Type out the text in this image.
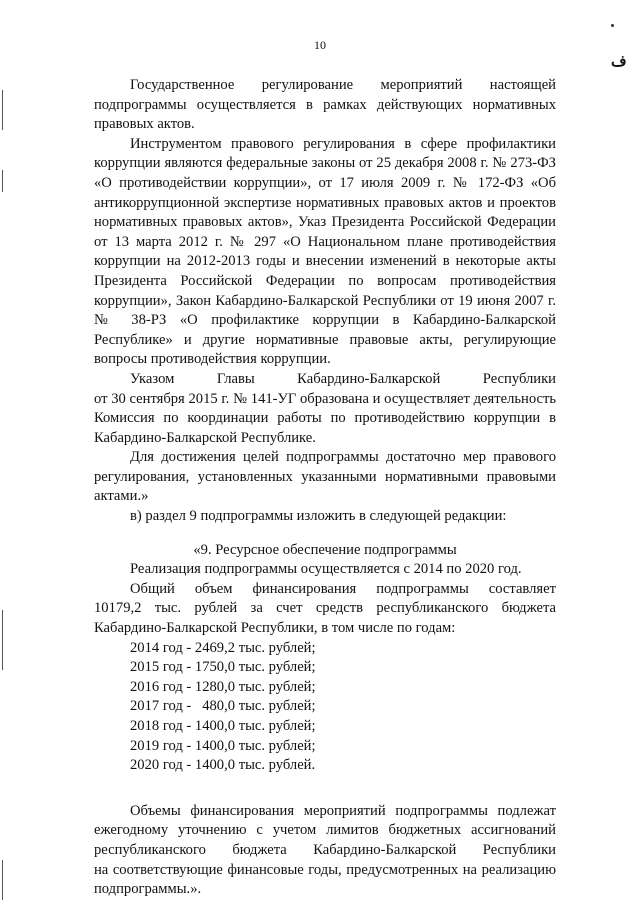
10
ف

Государственное регулирование мероприятий настоящей

подпрограммы осуществляется в рамках действующих нормативных правовых актов.

Инструментом правового регулирования в сфере профилактики коррупции являются федеральные законы от 25 декабря 2008 г. № 273-ФЗ «О противодействии коррупции», от 17 июля 2009 г. № 172-ФЗ «Об антикоррупционной экспертизе нормативных правовых актов и проектов нормативных правовых актов», Указ Президента Российской Федерации от 13 марта 2012 г. № 297 «О Национальном плане противодействия коррупции на 2012-2013 годы и внесении изменений в некоторые акты Президента Российской Федерации по вопросам противодействия коррупции», Закон Кабардино-Балкарской Республики от 19 июня 2007 г. № 38-РЗ «О профилактике коррупции в Кабардино-Балкарской Республике» и другие нормативные правовые акты, регулирующие вопросы противодействия коррупции.

Указом Главы Кабардино-Балкарской Республики

от 30 сентября 2015 г. № 141-УГ образована и осуществляет деятельность Комиссия по координации работы по противодействию коррупции в Кабардино-Балкарской Республике.

Для достижения целей подпрограммы достаточно мер правового регулирования, установленных указанными нормативными правовыми актами.»

в) раздел 9 подпрограммы изложить в следующей редакции:

«9. Ресурсное обеспечение подпрограммы

Реализация подпрограммы осуществляется с 2014 по 2020 год.

Общий объем финансирования подпрограммы составляет

10179,2 тыс. рублей за счет средств республиканского бюджета Кабардино-Балкарской Республики, в том числе по годам:

2014 год - 2469,2 тыс. рублей;
2015 год - 1750,0 тыс. рублей;
2016 год - 1280,0 тыс. рублей;
2017 год -   480,0 тыс. рублей;
2018 год - 1400,0 тыс. рублей;
2019 год - 1400,0 тыс. рублей;
2020 год - 1400,0 тыс. рублей.

Объемы финансирования мероприятий подпрограммы подлежат

ежегодному уточнению с учетом лимитов бюджетных ассигнований

республиканского бюджета Кабардино-Балкарской Республики

на соответствующие финансовые годы, предусмотренных на реализацию подпрограммы.».
